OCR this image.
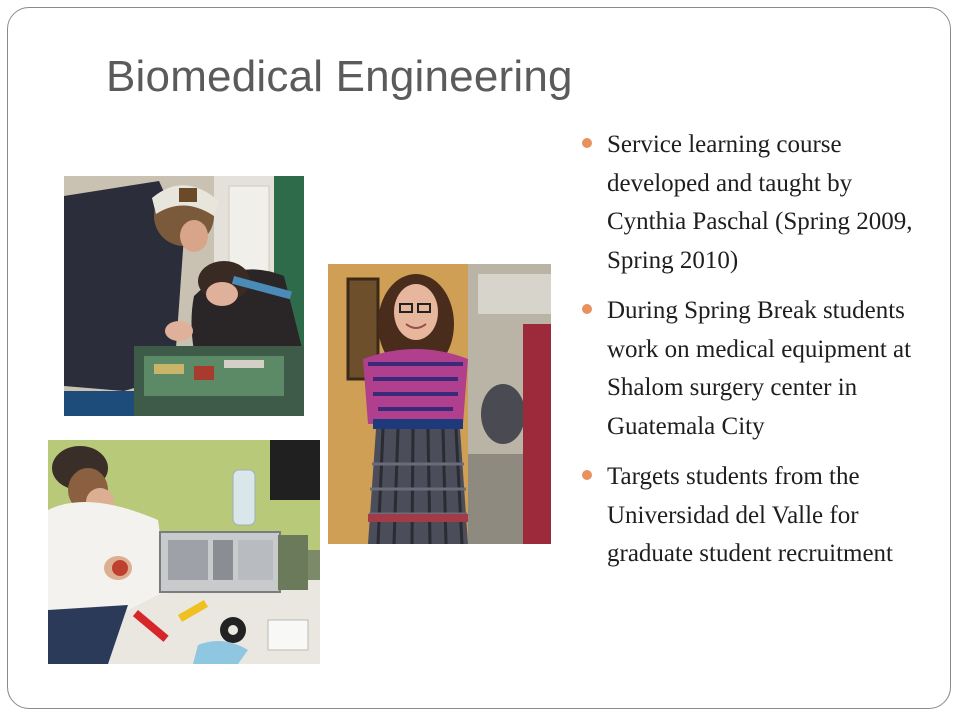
Biomedical Engineering
Service learning course developed and taught by Cynthia Paschal (Spring 2009, Spring 2010)
During Spring Break students work on medical equipment at Shalom surgery center in Guatemala City
Targets students from the Universidad del Valle for graduate student recruitment
